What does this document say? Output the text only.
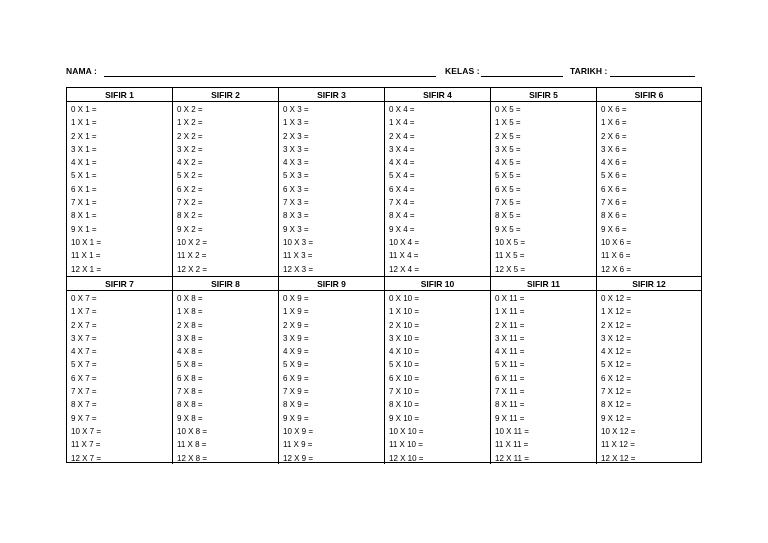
NAMA :	KELAS :	TARIKH :
SIFIR 1
0 X 1 =
1 X 1 =
2 X 1 =
3 X 1 =
4 X 1 =
5 X 1 =
6 X 1 =
7 X 1 =
8 X 1 =
9 X 1 =
10 X 1 =
11 X 1 =
12 X 1 =
SIFIR 2
0 X 2 =
1 X 2 =
2 X 2 =
3 X 2 =
4 X 2 =
5 X 2 =
6 X 2 =
7 X 2 =
8 X 2 =
9 X 2 =
10 X 2 =
11 X 2 =
12 X 2 =
SIFIR 3
0 X 3 =
1 X 3 =
2 X 3 =
3 X 3 =
4 X 3 =
5 X 3 =
6 X 3 =
7 X 3 =
8 X 3 =
9 X 3 =
10 X 3 =
11 X 3 =
12 X 3 =
SIFIR 4
0 X 4 =
1 X 4 =
2 X 4 =
3 X 4 =
4 X 4 =
5 X 4 =
6 X 4 =
7 X 4 =
8 X 4 =
9 X 4 =
10 X 4 =
11 X 4 =
12 X 4 =
SIFIR 5
0 X 5 =
1 X 5 =
2 X 5 =
3 X 5 =
4 X 5 =
5 X 5 =
6 X 5 =
7 X 5 =
8 X 5 =
9 X 5 =
10 X 5 =
11 X 5 =
12 X 5 =
SIFIR 6
0 X 6 =
1 X 6 =
2 X 6 =
3 X 6 =
4 X 6 =
5 X 6 =
6 X 6 =
7 X 6 =
8 X 6 =
9 X 6 =
10 X 6 =
11 X 6 =
12 X 6 =
SIFIR 7
0 X 7 =
1 X 7 =
2 X 7 =
3 X 7 =
4 X 7 =
5 X 7 =
6 X 7 =
7 X 7 =
8 X 7 =
9 X 7 =
10 X 7 =
11 X 7 =
12 X 7 =
SIFIR 8
0 X 8 =
1 X 8 =
2 X 8 =
3 X 8 =
4 X 8 =
5 X 8 =
6 X 8 =
7 X 8 =
8 X 8 =
9 X 8 =
10 X 8 =
11 X 8 =
12 X 8 =
SIFIR 9
0 X 9 =
1 X 9 =
2 X 9 =
3 X 9 =
4 X 9 =
5 X 9 =
6 X 9 =
7 X 9 =
8 X 9 =
9 X 9 =
10 X 9 =
11 X 9 =
12 X 9 =
SIFIR 10
0 X 10 =
1 X 10 =
2 X 10 =
3 X 10 =
4 X 10 =
5 X 10 =
6 X 10 =
7 X 10 =
8 X 10 =
9 X 10 =
10 X 10 =
11 X 10 =
12 X 10 =
SIFIR 11
0 X 11 =
1 X 11 =
2 X 11 =
3 X 11 =
4 X 11 =
5 X 11 =
6 X 11 =
7 X 11 =
8 X 11 =
9 X 11 =
10 X 11 =
11 X 11 =
12 X 11 =
SIFIR 12
0 X 12 =
1 X 12 =
2 X 12 =
3 X 12 =
4 X 12 =
5 X 12 =
6 X 12 =
7 X 12 =
8 X 12 =
9 X 12 =
10 X 12 =
11 X 12 =
12 X 12 =
